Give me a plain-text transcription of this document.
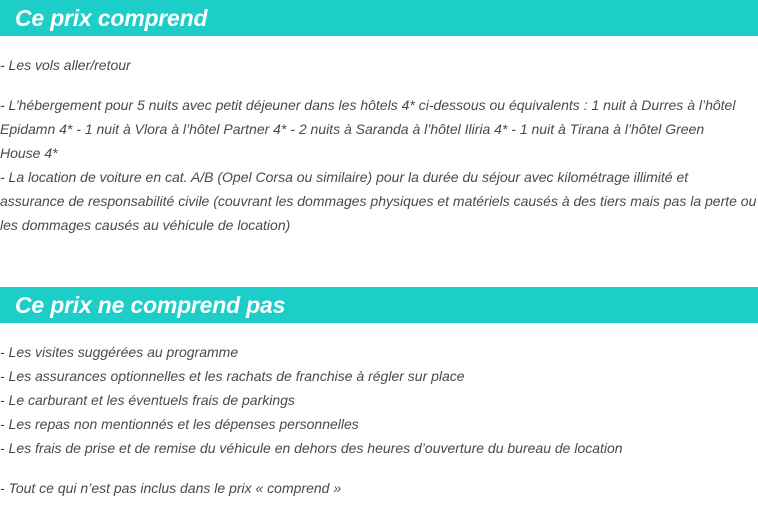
Ce prix comprend
- Les vols aller/retour
- L’hébergement pour 5 nuits avec petit déjeuner dans les hôtels 4* ci-dessous ou équivalents : 1 nuit à Durres à l’hôtel
Epidamn 4* - 1 nuit à Vlora à l’hôtel Partner 4* - 2 nuits à Saranda à l’hôtel Iliria 4* - 1 nuit à Tirana à l’hôtel Green
House 4*
- La location de voiture en cat. A/B (Opel Corsa ou similaire) pour la durée du séjour avec kilométrage illimité et
assurance de responsabilité civile (couvrant les dommages physiques et matériels causés à des tiers mais pas la perte ou
les dommages causés au véhicule de location)
Ce prix ne comprend pas
- Les visites suggérées au programme
- Les assurances optionnelles et les rachats de franchise à régler sur place
- Le carburant et les éventuels frais de parkings
- Les repas non mentionnés et les dépenses personnelles
- Les frais de prise et de remise du véhicule en dehors des heures d’ouverture du bureau de location
- Tout ce qui n’est pas inclus dans le prix « comprend »
